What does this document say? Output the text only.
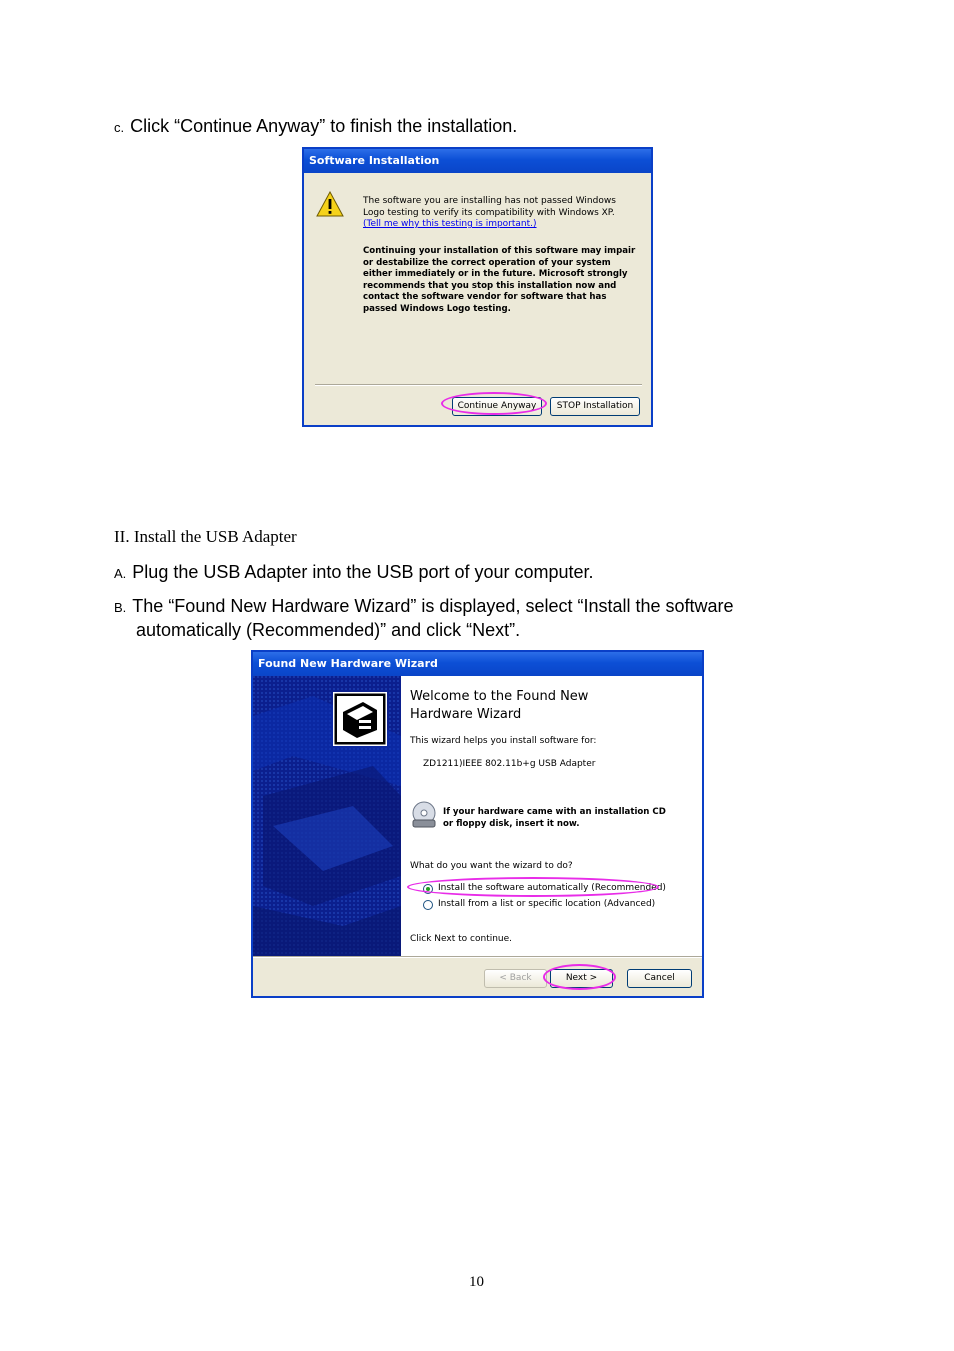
c. Click “Continue Anyway” to finish the installation.
Software Installation
The software you are installing has not passed Windows Logo testing to verify its compatibility with Windows XP. (Tell me why this testing is important.)
Continuing your installation of this software may impair or destabilize the correct operation of your system either immediately or in the future. Microsoft strongly recommends that you stop this installation now and contact the software vendor for software that has passed Windows Logo testing.
Continue Anyway	STOP Installation
II. Install the USB Adapter
A. Plug the USB Adapter into the USB port of your computer.
B. The “Found New Hardware Wizard” is displayed, select “Install the software
automatically (Recommended)” and click “Next”.
Found New Hardware Wizard
Welcome to the Found New
Hardware Wizard
This wizard helps you install software for:
ZD1211)IEEE 802.11b+g USB Adapter
If your hardware came with an installation CD
or floppy disk, insert it now.
What do you want the wizard to do?
Install the software automatically (Recommended)
Install from a list or specific location (Advanced)
Click Next to continue.
< Back	Next >	Cancel
10
